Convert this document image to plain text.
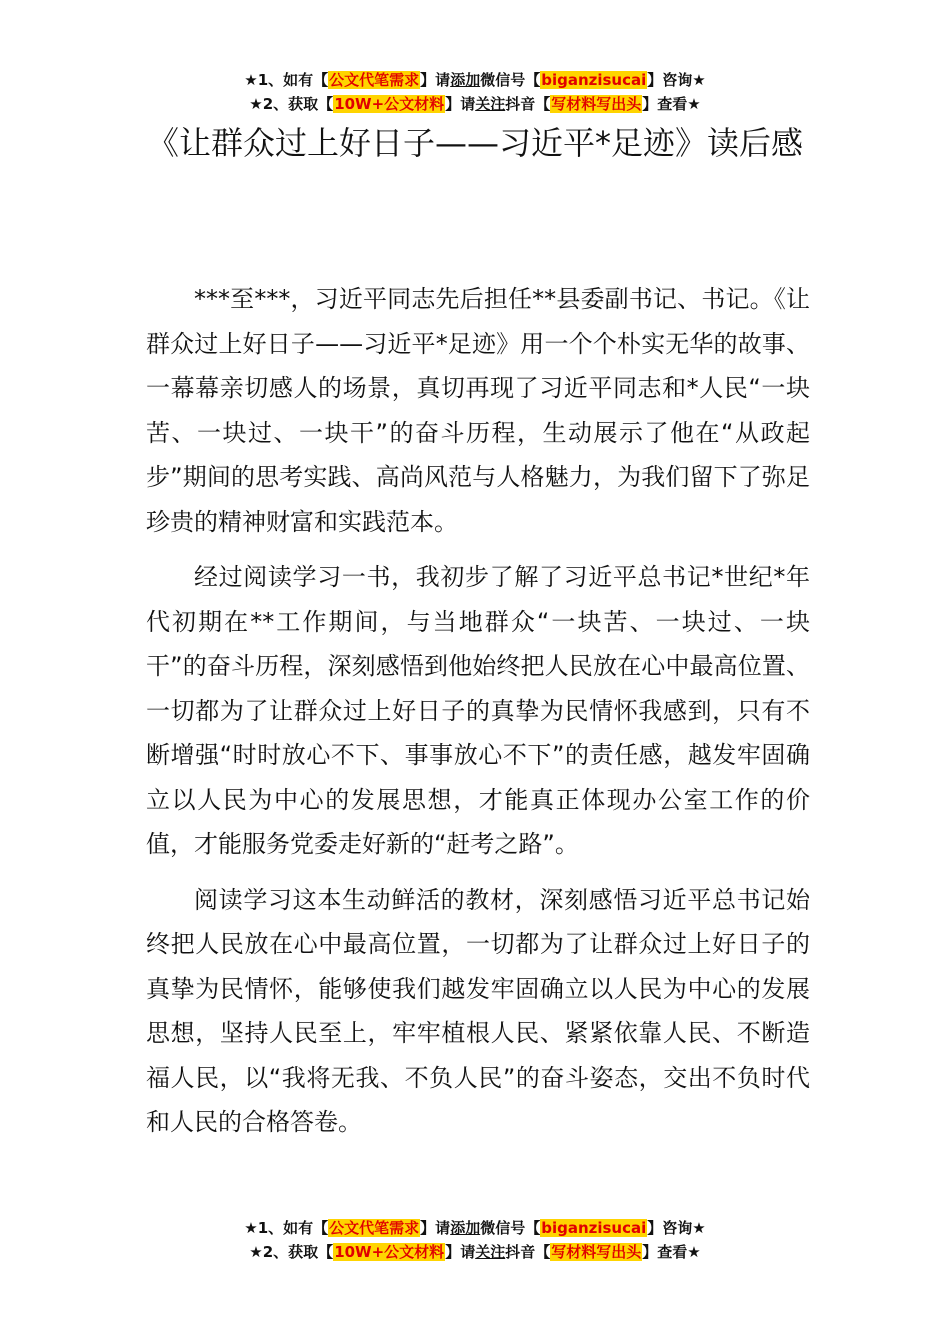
★1、如有【公文代笔需求】请添加微信号【biganzisucai】咨询★
★2、获取【10W+公文材料】请关注抖音【写材料写出头】查看★
《让群众过上好日子——习近平*足迹》读后感

***至***，习近平同志先后担任**县委副书记、书记。《让群众过上好日子——习近平*足迹》用一个个朴实无华的故事、一幕幕亲切感人的场景，真切再现了习近平同志和*人民“一块苦、一块过、一块干”的奋斗历程，生动展示了他在“从政起步”期间的思考实践、高尚风范与人格魅力，为我们留下了弥足珍贵的精神财富和实践范本。

经过阅读学习一书，我初步了解了习近平总书记*世纪*年代初期在**工作期间，与当地群众“一块苦、一块过、一块干”的奋斗历程，深刻感悟到他始终把人民放在心中最高位置、一切都为了让群众过上好日子的真挚为民情怀我感到，只有不断增强“时时放心不下、事事放心不下”的责任感，越发牢固确立以人民为中心的发展思想，才能真正体现办公室工作的价值，才能服务党委走好新的“赶考之路”。

阅读学习这本生动鲜活的教材，深刻感悟习近平总书记始终把人民放在心中最高位置，一切都为了让群众过上好日子的真挚为民情怀，能够使我们越发牢固确立以人民为中心的发展思想，坚持人民至上，牢牢植根人民、紧紧依靠人民、不断造福人民，以“我将无我、不负人民”的奋斗姿态，交出不负时代和人民的合格答卷。

★1、如有【公文代笔需求】请添加微信号【biganzisucai】咨询★
★2、获取【10W+公文材料】请关注抖音【写材料写出头】查看★
